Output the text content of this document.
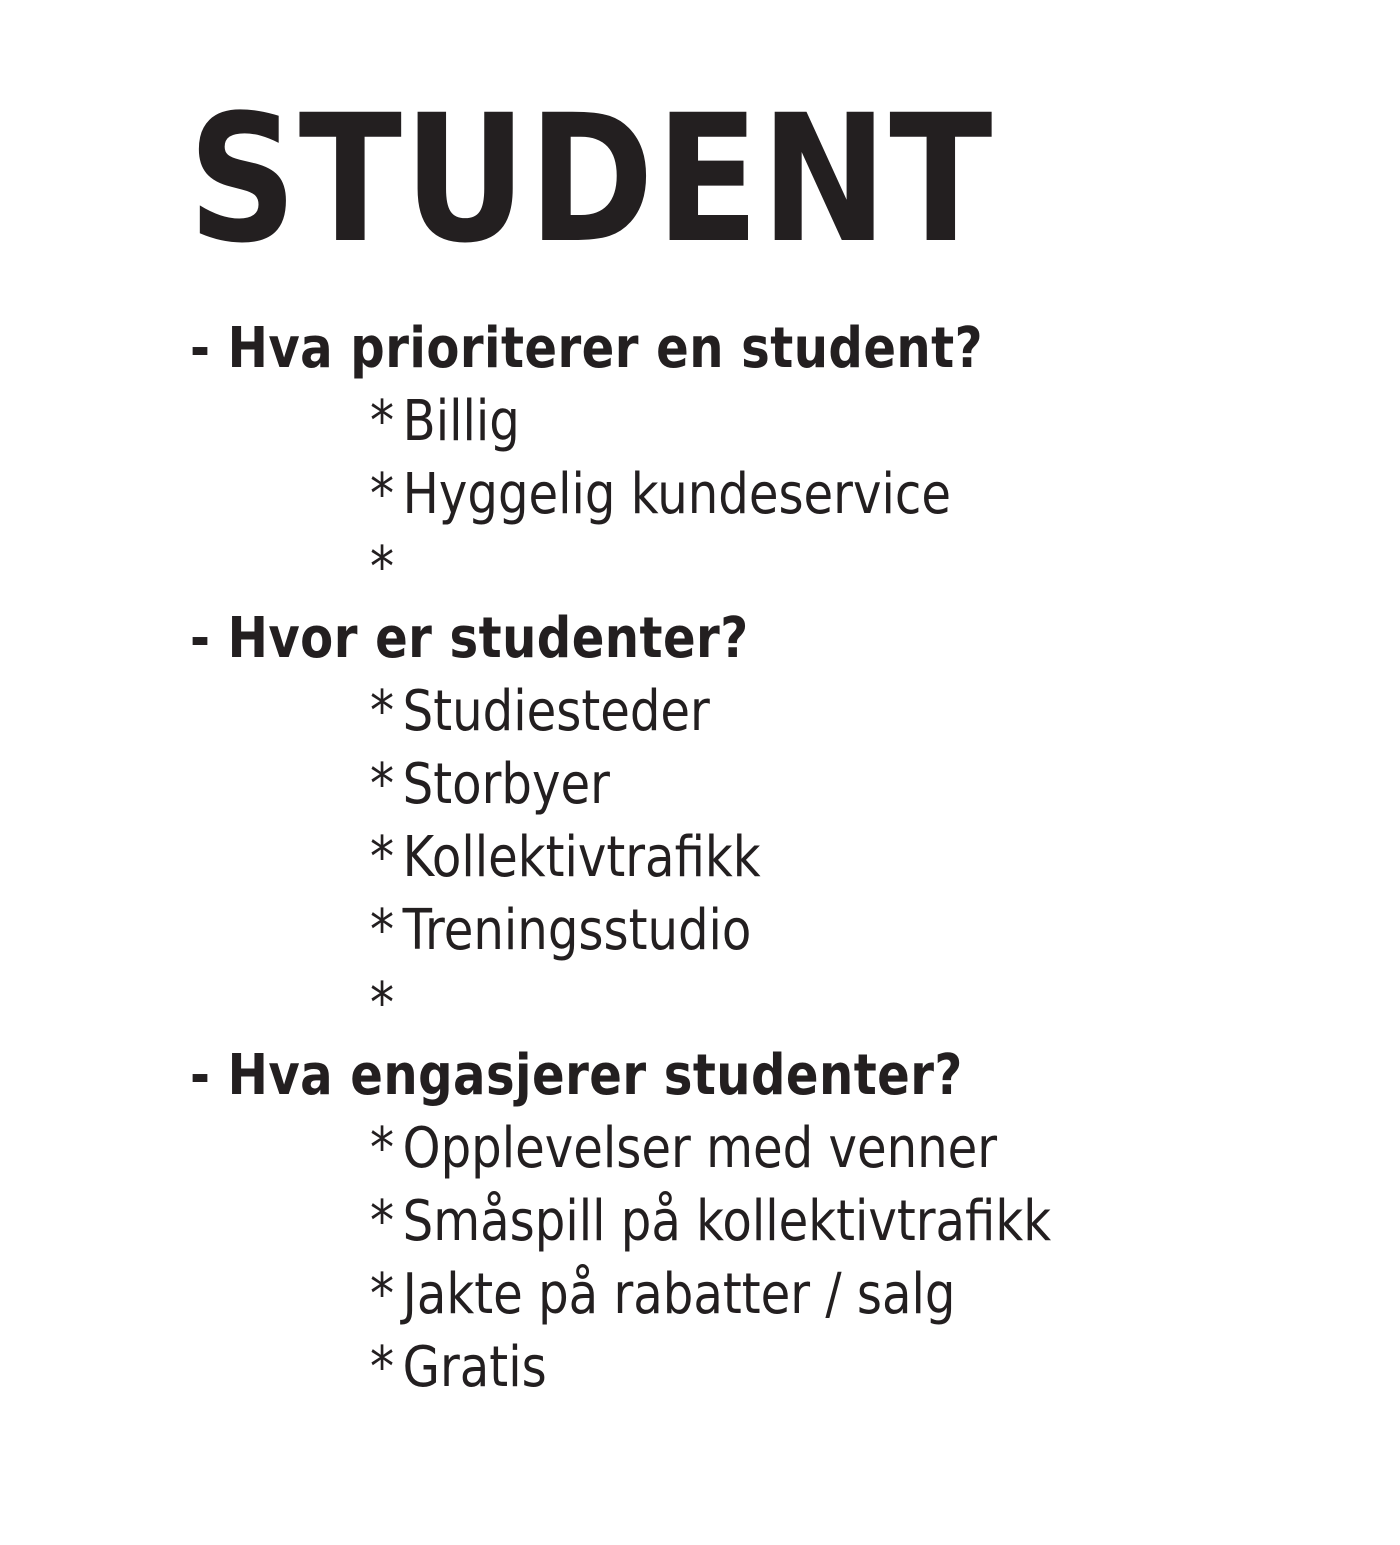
STUDENT
- Hva prioriterer en student?
* Billig
* Hyggelig kundeservice
*
- Hvor er studenter?
* Studiesteder
* Storbyer
* Kollektivtrafikk
* Treningsstudio
*
- Hva engasjerer studenter?
* Opplevelser med venner
* Småspill på kollektivtrafikk
* Jakte på rabatter / salg
* Gratis
